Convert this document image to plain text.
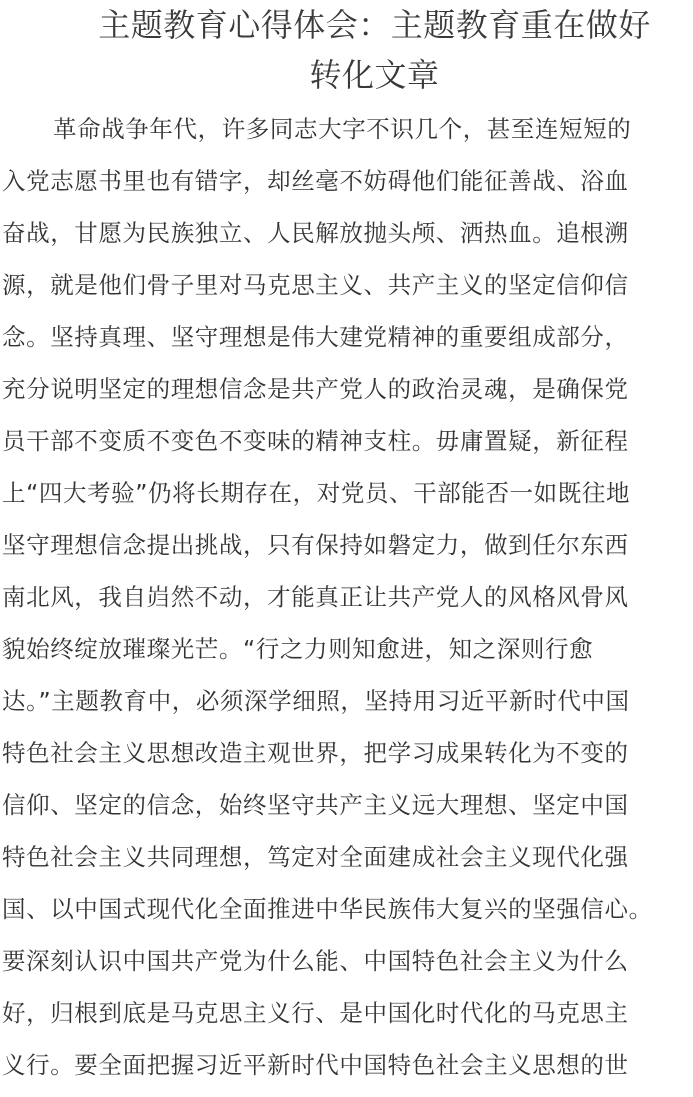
主题教育心得体会：主题教育重在做好
转化文章
革命战争年代，许多同志大字不识几个，甚至连短短的
入党志愿书里也有错字，却丝毫不妨碍他们能征善战、浴血
奋战，甘愿为民族独立、人民解放抛头颅、洒热血。追根溯
源，就是他们骨子里对马克思主义、共产主义的坚定信仰信
念。坚持真理、坚守理想是伟大建党精神的重要组成部分，
充分说明坚定的理想信念是共产党人的政治灵魂，是确保党
员干部不变质不变色不变味的精神支柱。毋庸置疑，新征程
上“四大考验”仍将长期存在，对党员、干部能否一如既往地
坚守理想信念提出挑战，只有保持如磐定力，做到任尔东西
南北风，我自岿然不动，才能真正让共产党人的风格风骨风
貌始终绽放璀璨光芒。“行之力则知愈进，知之深则行愈
达。”主题教育中，必须深学细照，坚持用习近平新时代中国
特色社会主义思想改造主观世界，把学习成果转化为不变的
信仰、坚定的信念，始终坚守共产主义远大理想、坚定中国
特色社会主义共同理想，笃定对全面建成社会主义现代化强
国、以中国式现代化全面推进中华民族伟大复兴的坚强信心。
要深刻认识中国共产党为什么能、中国特色社会主义为什么
好，归根到底是马克思主义行、是中国化时代化的马克思主
义行。要全面把握习近平新时代中国特色社会主义思想的世
